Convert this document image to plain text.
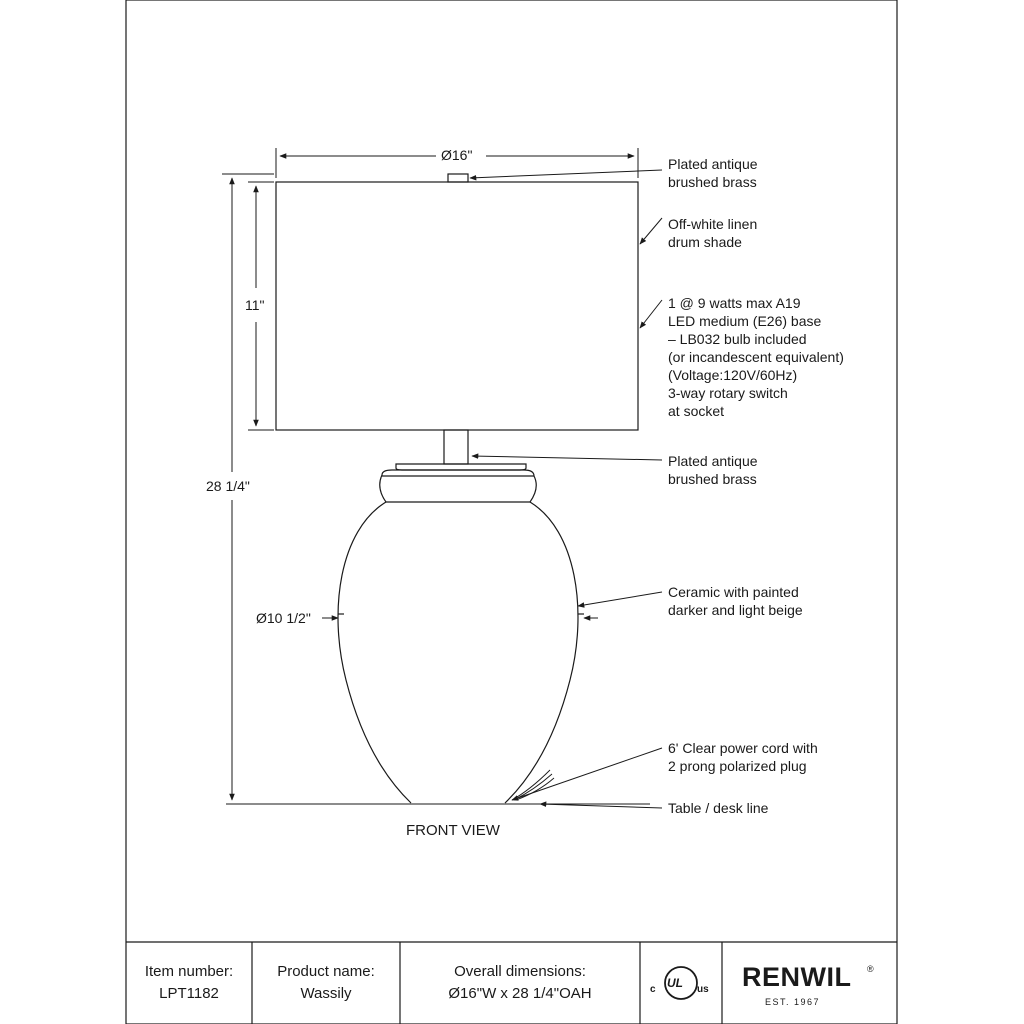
Ø16"
11"
28 1/4"
Ø10 1/2"
Plated antique
brushed brass
Off-white linen
drum shade
1 @ 9 watts max A19
LED medium (E26) base
– LB032 bulb included
(or incandescent equivalent)
(Voltage:120V/60Hz)
3-way rotary switch
at socket
Plated antique
brushed brass
Ceramic with painted
darker and light beige
6' Clear power cord with
2 prong polarized plug
Table / desk line
FRONT VIEW
Item number:
LPT1182
Product name:
Wassily
Overall dimensions:
Ø16"W x 28 1/4"OAH	c UL us RENWIL ®
EST. 1967
